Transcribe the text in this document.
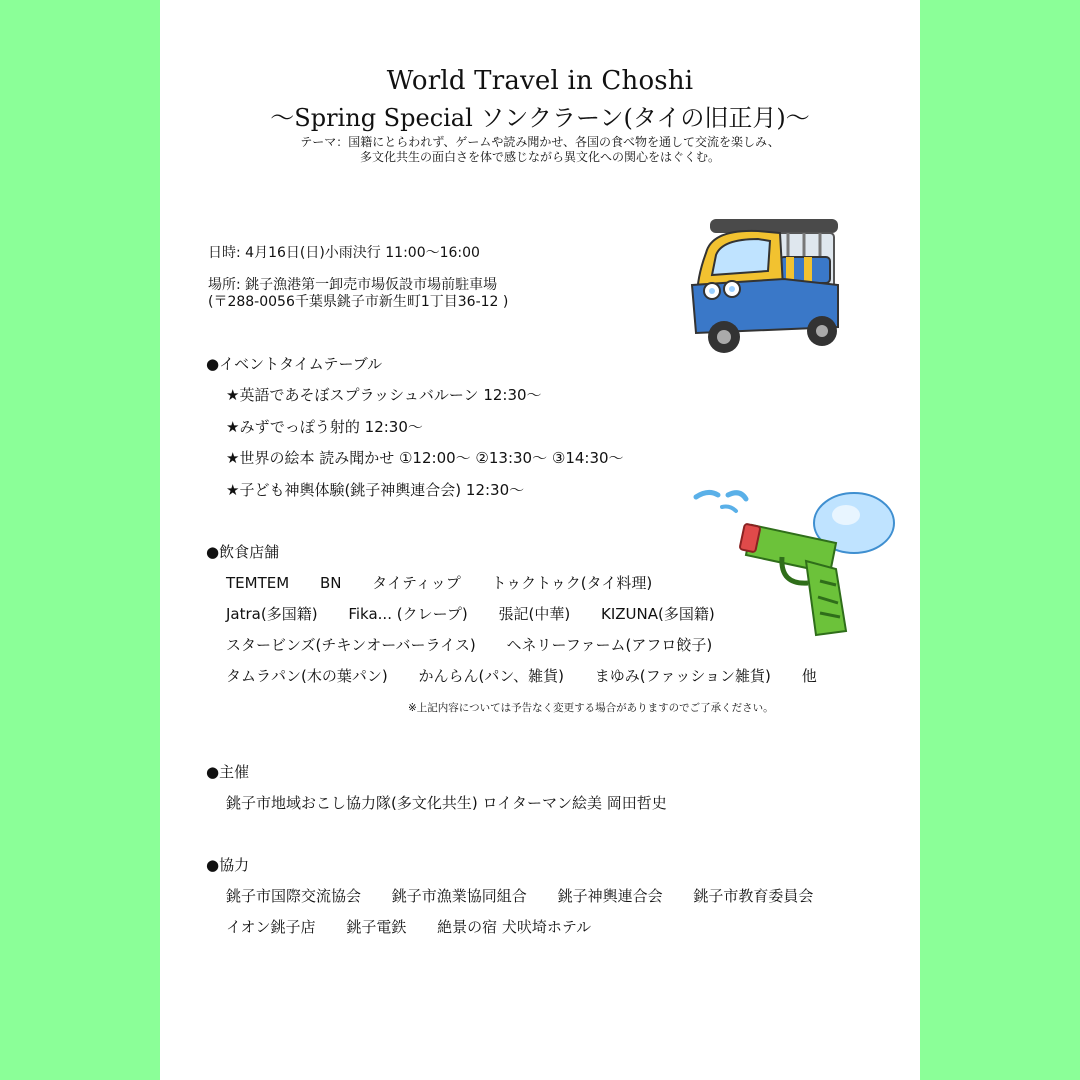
World Travel in Choshi
～Spring Special ソンクラーン(タイの旧正月)～
テーマ：国籍にとらわれず、ゲームや読み聞かせ、各国の食べ物を通して交流を楽しみ、
多文化共生の面白さを体で感じながら異文化への関心をはぐくむ。
日時: 4月16日(日)小雨決行 11:00～16:00
場所: 銚子漁港第一卸売市場仮設市場前駐車場
(〒288-0056千葉県銚子市新生町1丁目36-12 )
●イベントタイムテーブル
★英語であそぼスプラッシュバルーン 12:30～
★みずでっぽう射的 12:30～
★世界の絵本 読み聞かせ ①12:00～ ②13:30～ ③14:30～
★子ども神輿体験(銚子神輿連合会) 12:30～
●飲食店舗
TEMTEM BN タイティップ トゥクトゥク(タイ料理)
Jatra(多国籍) Fika... (クレープ) 張記(中華) KIZUNA(多国籍)
スタービンズ(チキンオーバーライス) ヘネリーファーム(アフロ餃子)
タムラパン(木の葉パン) かんらん(パン、雑貨) まゆみ(ファッション雑貨) 他
※上記内容については予告なく変更する場合がありますのでご了承ください。
●主催
銚子市地域おこし協力隊(多文化共生) ロイターマン絵美 岡田哲史
●協力
銚子市国際交流協会 銚子市漁業協同組合 銚子神輿連合会 銚子市教育委員会
イオン銚子店 銚子電鉄 絶景の宿 犬吠埼ホテル
